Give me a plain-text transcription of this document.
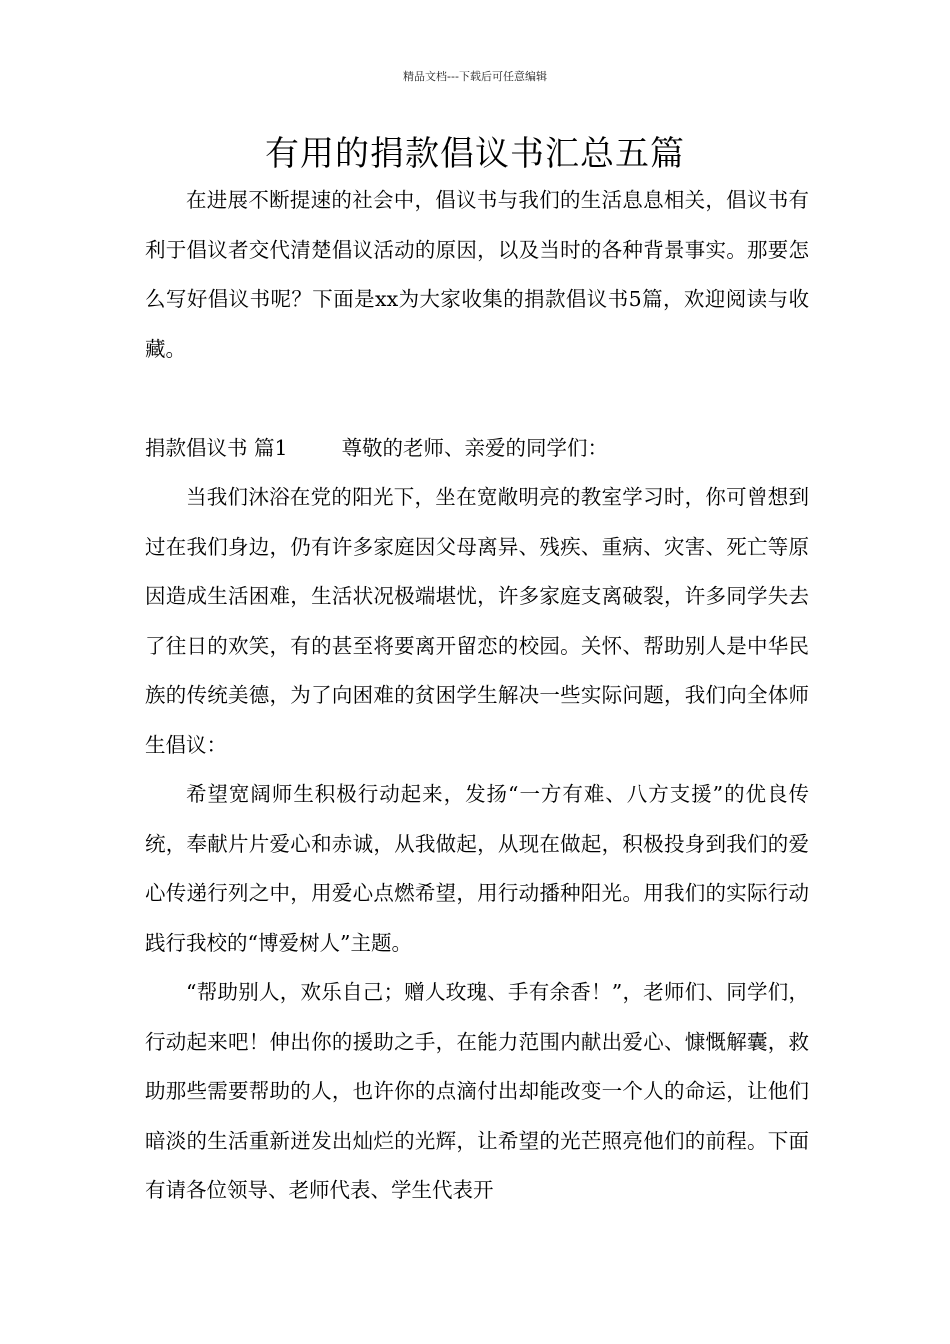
精品文档---下载后可任意编辑
有用的捐款倡议书汇总五篇

在进展不断提速的社会中，倡议书与我们的生活息息相关，倡议书有利于倡议者交代清楚倡议活动的原因，以及当时的各种背景事实。那要怎么写好倡议书呢？下面是xx为大家收集的捐款倡议书5篇，欢迎阅读与收藏。

捐款倡议书 篇1	尊敬的老师、亲爱的同学们：

当我们沐浴在党的阳光下，坐在宽敞明亮的教室学习时，你可曾想到过在我们身边，仍有许多家庭因父母离异、残疾、重病、灾害、死亡等原因造成生活困难，生活状况极端堪忧，许多家庭支离破裂，许多同学失去了往日的欢笑，有的甚至将要离开留恋的校园。关怀、帮助别人是中华民族的传统美德，为了向困难的贫困学生解决一些实际问题，我们向全体师生倡议：

希望宽阔师生积极行动起来，发扬“一方有难、八方支援”的优良传统，奉献片片爱心和赤诚，从我做起，从现在做起，积极投身到我们的爱心传递行列之中，用爱心点燃希望，用行动播种阳光。用我们的实际行动践行我校的“博爱树人”主题。

“帮助别人，欢乐自己；赠人玫瑰、手有余香！”，老师们、同学们，行动起来吧！伸出你的援助之手，在能力范围内献出爱心、慷慨解囊，救助那些需要帮助的人，也许你的点滴付出却能改变一个人的命运，让他们暗淡的生活重新迸发出灿烂的光辉，让希望的光芒照亮他们的前程。下面有请各位领导、老师代表、学生代表开
